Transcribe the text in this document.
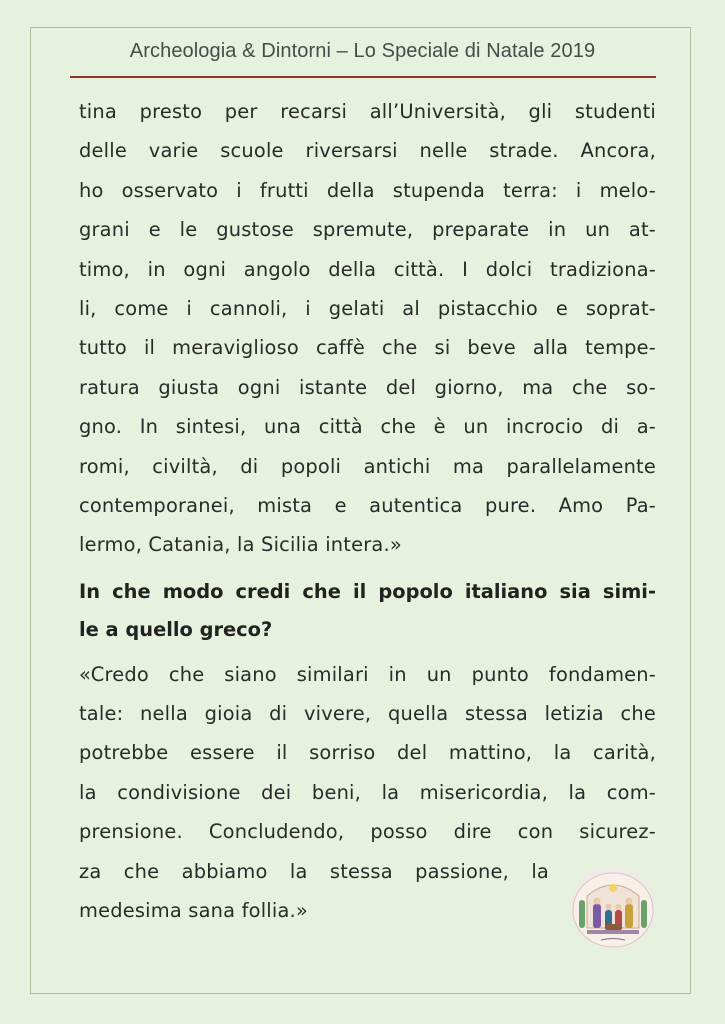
Archeologia & Dintorni – Lo Speciale di Natale 2019
tina presto per recarsi all’Università, gli studenti
delle varie scuole riversarsi nelle strade. Ancora,
ho osservato i frutti della stupenda terra: i melo-
grani e le gustose spremute, preparate in un at-
timo, in ogni angolo della città. I dolci tradiziona-
li, come i cannoli, i gelati al pistacchio e soprat-
tutto il meraviglioso caffè che si beve alla tempe-
ratura giusta ogni istante del giorno, ma che so-
gno. In sintesi, una città che è un incrocio di a-
romi, civiltà, di popoli antichi ma parallelamente
contemporanei, mista e autentica pure. Amo Pa-
lermo, Catania, la Sicilia intera.»
In che modo credi che il popolo italiano sia simi-
le a quello greco?
«Credo che siano similari in un punto fondamen-
tale: nella gioia di vivere, quella stessa letizia che
potrebbe essere il sorriso del mattino, la carità,
la condivisione dei beni, la misericordia, la com-
prensione. Concludendo, posso dire con sicurez-
za che abbiamo la stessa passione, la
medesima sana follia.»
